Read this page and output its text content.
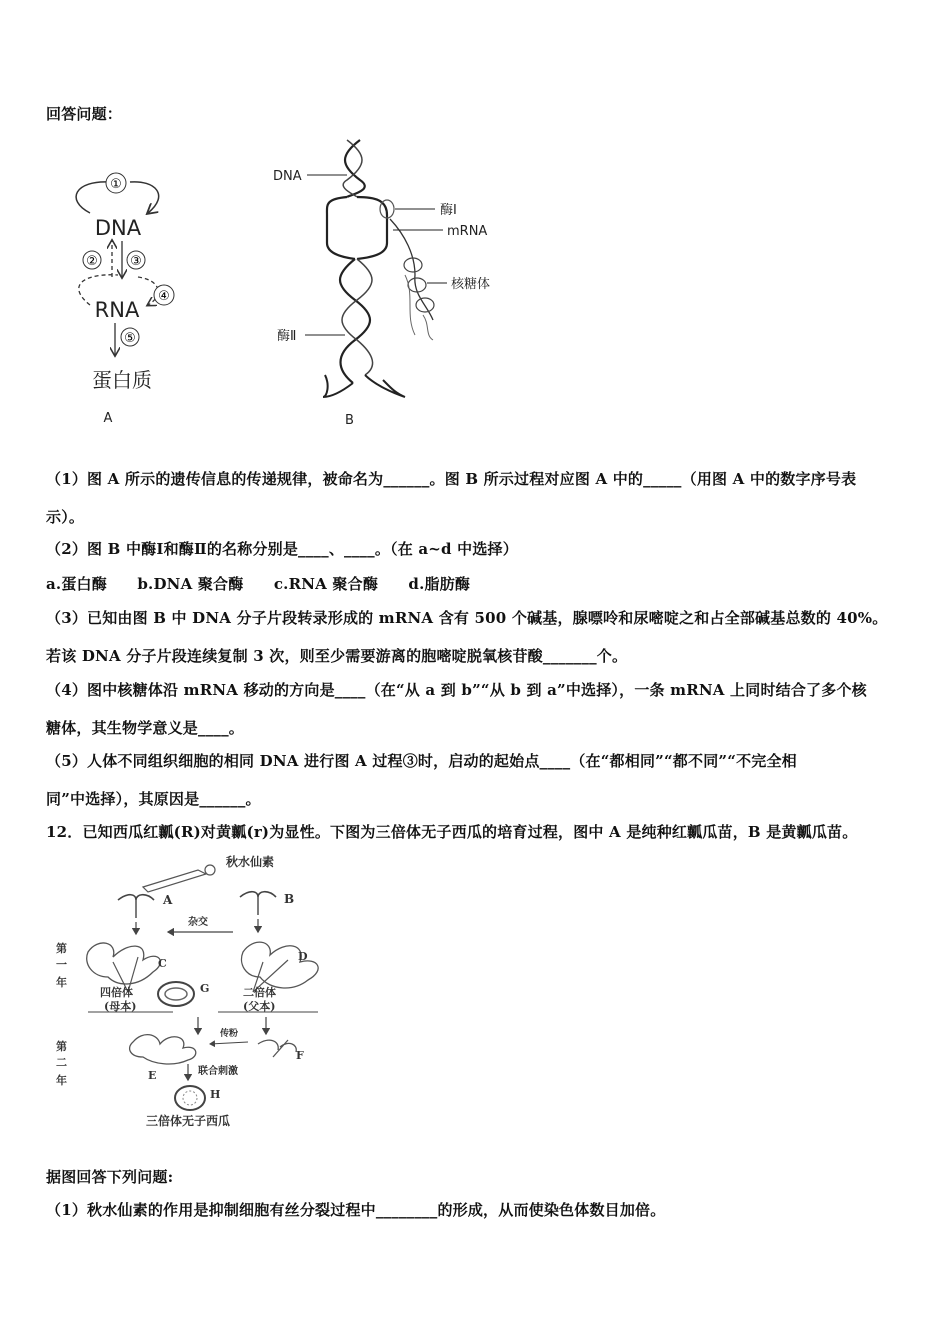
回答问题：
①
DNA
② ③
RNA
④
⑤
蛋白质
A
DNA
酶Ⅰ
mRNA
核糖体
酶Ⅱ
B
（1）图 A 所示的遗传信息的传递规律，被命名为______。图 B 所示过程对应图 A 中的_____（用图 A 中的数字序号表
示）。
（2）图 B 中酶Ⅰ和酶Ⅱ的名称分别是____、____。（在 a~d 中选择）
a.蛋白酶　　b.DNA 聚合酶　　c.RNA 聚合酶　　d.脂肪酶
（3）已知由图 B 中 DNA 分子片段转录形成的 mRNA 含有 500 个碱基，腺嘌呤和尿嘧啶之和占全部碱基总数的 40%。
若该 DNA 分子片段连续复制 3 次，则至少需要游离的胞嘧啶脱氧核苷酸_______个。
（4）图中核糖体沿 mRNA 移动的方向是____（在“从 a 到 b”“从 b 到 a”中选择），一条 mRNA 上同时结合了多个核
糖体，其生物学意义是____。
（5）人体不同组织细胞的相同 DNA 进行图 A 过程③时，启动的起始点____（在“都相同”“都不同”“不完全相
同”中选择），其原因是______。
12．已知西瓜红瓤(R)对黄瓤(r)为显性。下图为三倍体无子西瓜的培育过程，图中 A 是纯种红瓤瓜苗，B 是黄瓤瓜苗。
秋水仙素
A	B
杂交
C
D
第
一
年	G
四倍体
(母本)
二倍体
(父本)
第
二
年	E
传粉
F
联合刺激
H
三倍体无子西瓜
据图回答下列问题:
（1）秋水仙素的作用是抑制细胞有丝分裂过程中________的形成，从而使染色体数目加倍。
